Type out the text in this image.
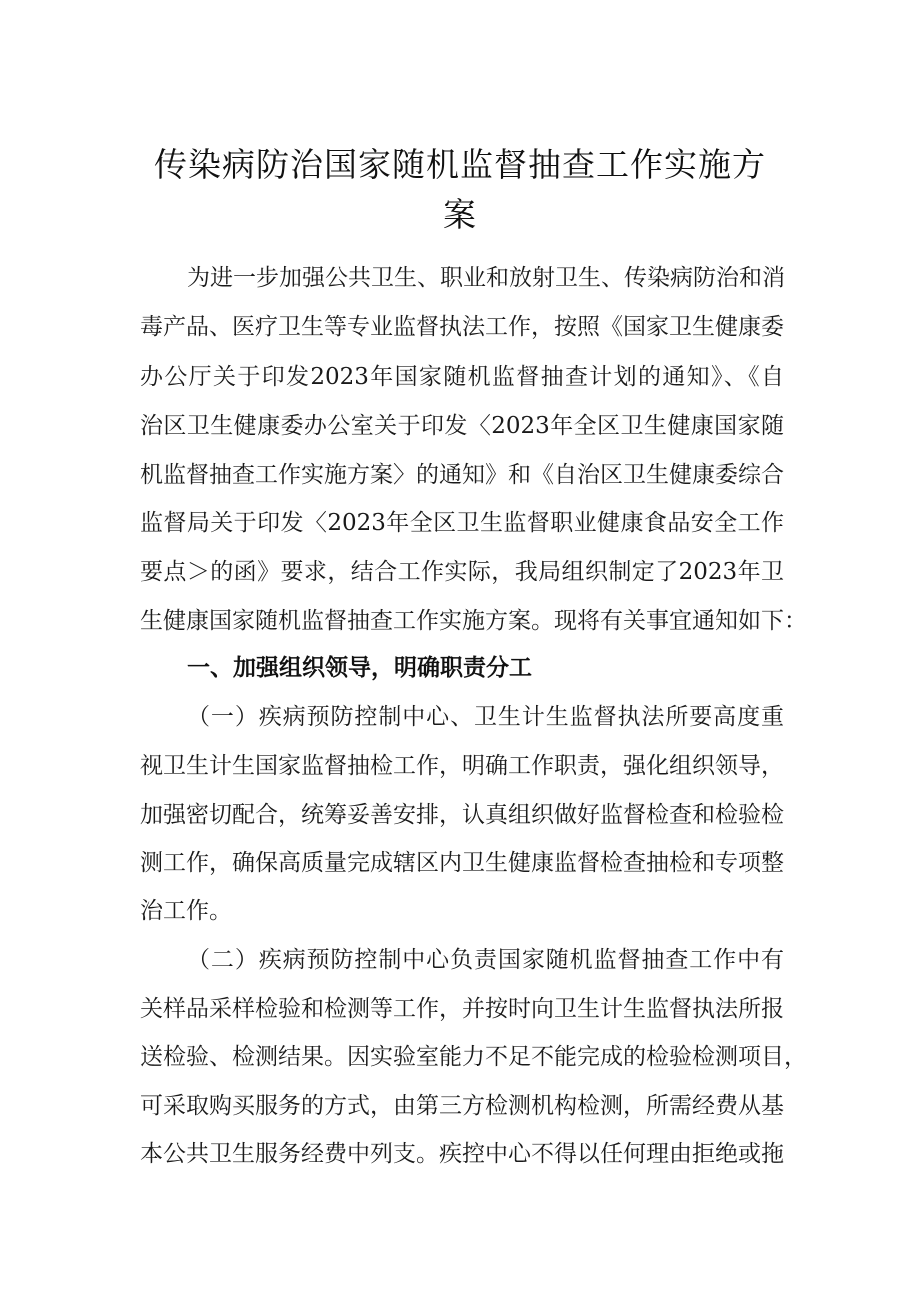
传染病防治国家随机监督抽查工作实施方
案
为进一步加强公共卫生、职业和放射卫生、传染病防治和消
毒产品、医疗卫生等专业监督执法工作，按照《国家卫生健康委
办公厅关于印发2023年国家随机监督抽查计划的通知》、《自
治区卫生健康委办公室关于印发〈2023年全区卫生健康国家随
机监督抽查工作实施方案〉的通知》和《自治区卫生健康委综合
监督局关于印发〈2023年全区卫生监督职业健康食品安全工作
要点＞的函》要求，结合工作实际，我局组织制定了2023年卫
生健康国家随机监督抽查工作实施方案。现将有关事宜通知如下：
一、加强组织领导，明确职责分工
（一）疾病预防控制中心、卫生计生监督执法所要高度重
视卫生计生国家监督抽检工作，明确工作职责，强化组织领导，
加强密切配合，统筹妥善安排，认真组织做好监督检查和检验检
测工作，确保高质量完成辖区内卫生健康监督检查抽检和专项整
治工作。
（二）疾病预防控制中心负责国家随机监督抽查工作中有
关样品采样检验和检测等工作，并按时向卫生计生监督执法所报
送检验、检测结果。因实验室能力不足不能完成的检验检测项目，
可采取购买服务的方式，由第三方检测机构检测，所需经费从基
本公共卫生服务经费中列支。疾控中心不得以任何理由拒绝或拖
